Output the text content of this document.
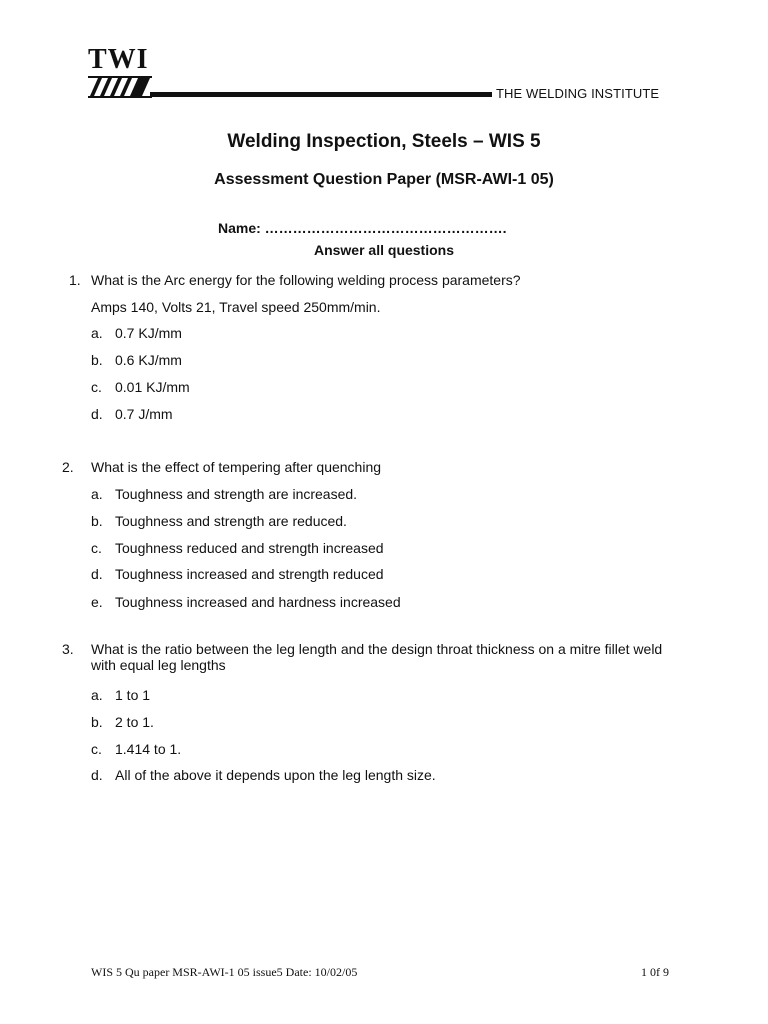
TWI
THE WELDING INSTITUTE
Welding Inspection, Steels – WIS 5
Assessment Question Paper (MSR-AWI-1 05)
Name: …………………………………………….
Answer all questions
1. What is the Arc energy for the following welding process parameters?
Amps 140, Volts 21, Travel speed 250mm/min.
a. 0.7 KJ/mm
b. 0.6 KJ/mm
c. 0.01 KJ/mm
d. 0.7 J/mm
2. What is the effect of tempering after quenching
a. Toughness and strength are increased.
b. Toughness and strength are reduced.
c. Toughness reduced and strength increased
d. Toughness increased and strength reduced
e. Toughness increased and hardness increased
3. What is the ratio between the leg length and the design throat thickness on a mitre fillet weld with equal leg lengths
a. 1 to 1
b. 2 to 1.
c. 1.414 to 1.
d. All of the above it depends upon the leg length size.
WIS 5 Qu paper MSR-AWI-1 05 issue5 Date: 10/02/05	1 0f 9
